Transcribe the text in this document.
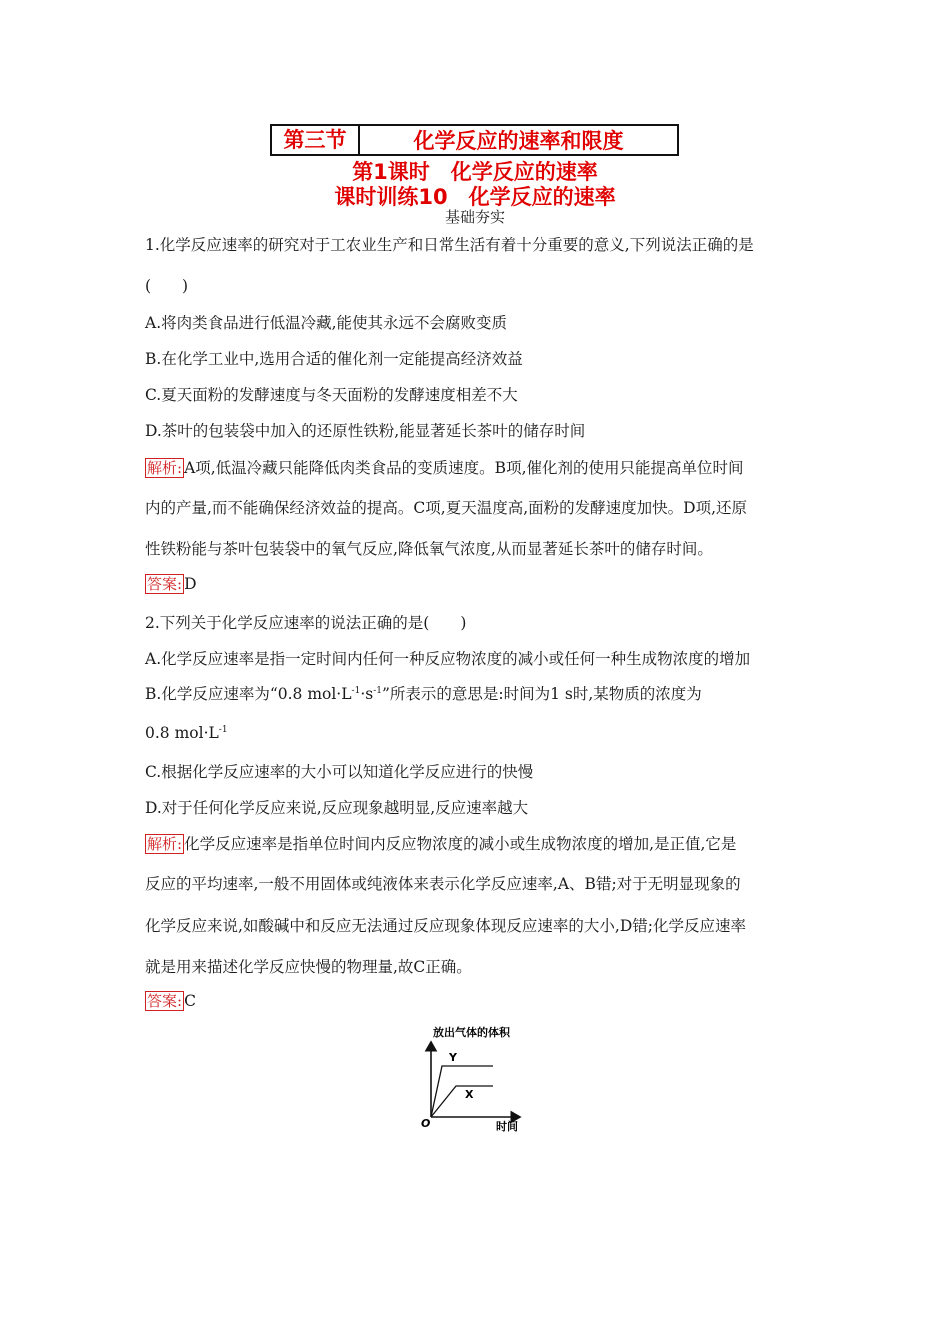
第三节	化学反应的速率和限度
第1课时　化学反应的速率
课时训练10　化学反应的速率
基础夯实
1.化学反应速率的研究对于工农业生产和日常生活有着十分重要的意义,下列说法正确的是
(　　)
A.将肉类食品进行低温冷藏,能使其永远不会腐败变质
B.在化学工业中,选用合适的催化剂一定能提高经济效益
C.夏天面粉的发酵速度与冬天面粉的发酵速度相差不大
D.茶叶的包装袋中加入的还原性铁粉,能显著延长茶叶的储存时间
解析: A项,低温冷藏只能降低肉类食品的变质速度。B项,催化剂的使用只能提高单位时间
内的产量,而不能确保经济效益的提高。C项,夏天温度高,面粉的发酵速度加快。D项,还原
性铁粉能与茶叶包装袋中的氧气反应,降低氧气浓度,从而显著延长茶叶的储存时间。
答案: D
2.下列关于化学反应速率的说法正确的是(　　)
A.化学反应速率是指一定时间内任何一种反应物浓度的减小或任何一种生成物浓度的增加
B.化学反应速率为“0.8 $mol\cdot L^{-1}\cdot s^{-1}$”所表示的意思是:时间为1 s时,某物质的浓度为
0.8 $mol\cdot L^{-1}$
C.根据化学反应速率的大小可以知道化学反应进行的快慢
D.对于任何化学反应来说,反应现象越明显,反应速率越大
解析: 化学反应速率是指单位时间内反应物浓度的减小或生成物浓度的增加,是正值,它是
反应的平均速率,一般不用固体或纯液体来表示化学反应速率,A、B错;对于无明显现象的
化学反应来说,如酸碱中和反应无法通过反应现象体现反应速率的大小,D错;化学反应速率
就是用来描述化学反应快慢的物理量,故C正确。
答案: C
放出气体的体积
时间
O
Y
X
